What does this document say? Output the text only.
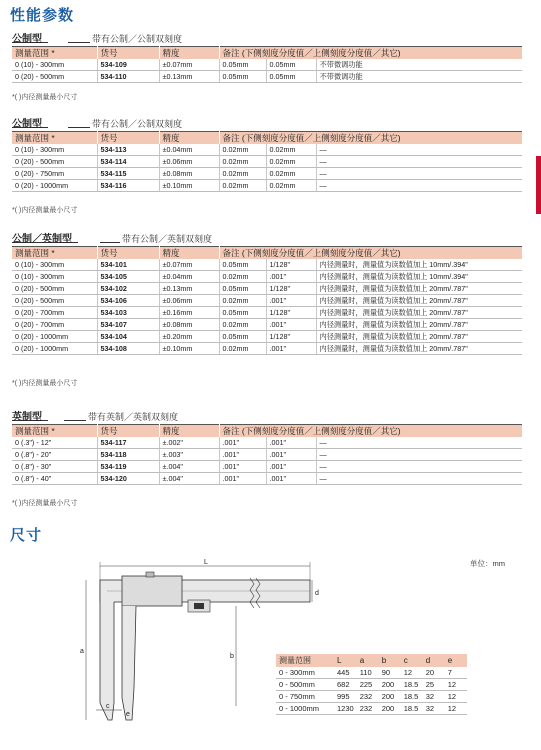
性能参数
公制型	带有公制／公制双刻度
测量范围 *	货号	精度	备注 (下侧刻度分度值／上侧刻度分度值／其它)		
0 (10) - 300mm	534-109	±0.07mm	0.05mm	0.05mm	不带微调功能
0 (20) - 500mm	534-110	±0.13mm	0.05mm	0.05mm	不带微调功能
*( )内径测量最小尺寸
公制型	带有公制／公制双刻度
测量范围 *	货号	精度	备注 (下侧刻度分度值／上侧刻度分度值／其它)		
0 (10) - 300mm	534-113	±0.04mm	0.02mm	0.02mm	—
0 (20) - 500mm	534-114	±0.06mm	0.02mm	0.02mm	—
0 (20) - 750mm	534-115	±0.08mm	0.02mm	0.02mm	—
0 (20) - 1000mm	534-116	±0.10mm	0.02mm	0.02mm	—
*( )内径测量最小尺寸
公制／英制型	带有公制／英制双刻度
测量范围 *	货号	精度	备注 (下侧刻度分度值／上侧刻度分度值／其它)		
0 (10) - 300mm	534-101	±0.07mm	0.05mm	1/128"	内径测量时，测量值为读数值加上 10mm/.394"
0 (10) - 300mm	534-105	±0.04mm	0.02mm	.001"	内径测量时，测量值为读数值加上 10mm/.394"
0 (20) - 500mm	534-102	±0.13mm	0.05mm	1/128"	内径测量时，测量值为读数值加上 20mm/.787"
0 (20) - 500mm	534-106	±0.06mm	0.02mm	.001"	内径测量时，测量值为读数值加上 20mm/.787"
0 (20) - 700mm	534-103	±0.16mm	0.05mm	1/128"	内径测量时，测量值为读数值加上 20mm/.787"
0 (20) - 700mm	534-107	±0.08mm	0.02mm	.001"	内径测量时，测量值为读数值加上 20mm/.787"
0 (20) - 1000mm	534-104	±0.20mm	0.05mm	1/128"	内径测量时，测量值为读数值加上 20mm/.787"
0 (20) - 1000mm	534-108	±0.10mm	0.02mm	.001"	内径测量时，测量值为读数值加上 20mm/.787"
*( )内径测量最小尺寸
英制型	带有英制／英制双刻度
测量范围 *	货号	精度	备注 (下侧刻度分度值／上侧刻度分度值／其它)		
0 (.3") - 12"	534-117	±.002"	.001"	.001"	—
0 (.8") - 20"	534-118	±.003"	.001"	.001"	—
0 (.8") - 30"	534-119	±.004"	.001"	.001"	—
0 (.8") - 40"	534-120	±.004"	.001"	.001"	—
*( )内径测量最小尺寸
尺寸
单位：mm
L
a
b
c
d
e
测量范围	L	a	b	c	d	e
0 - 300mm	445	110	90	12	20	7
0 - 500mm	682	225	200	18.5	25	12
0 - 750mm	995	232	200	18.5	32	12
0 - 1000mm	1230	232	200	18.5	32	12
